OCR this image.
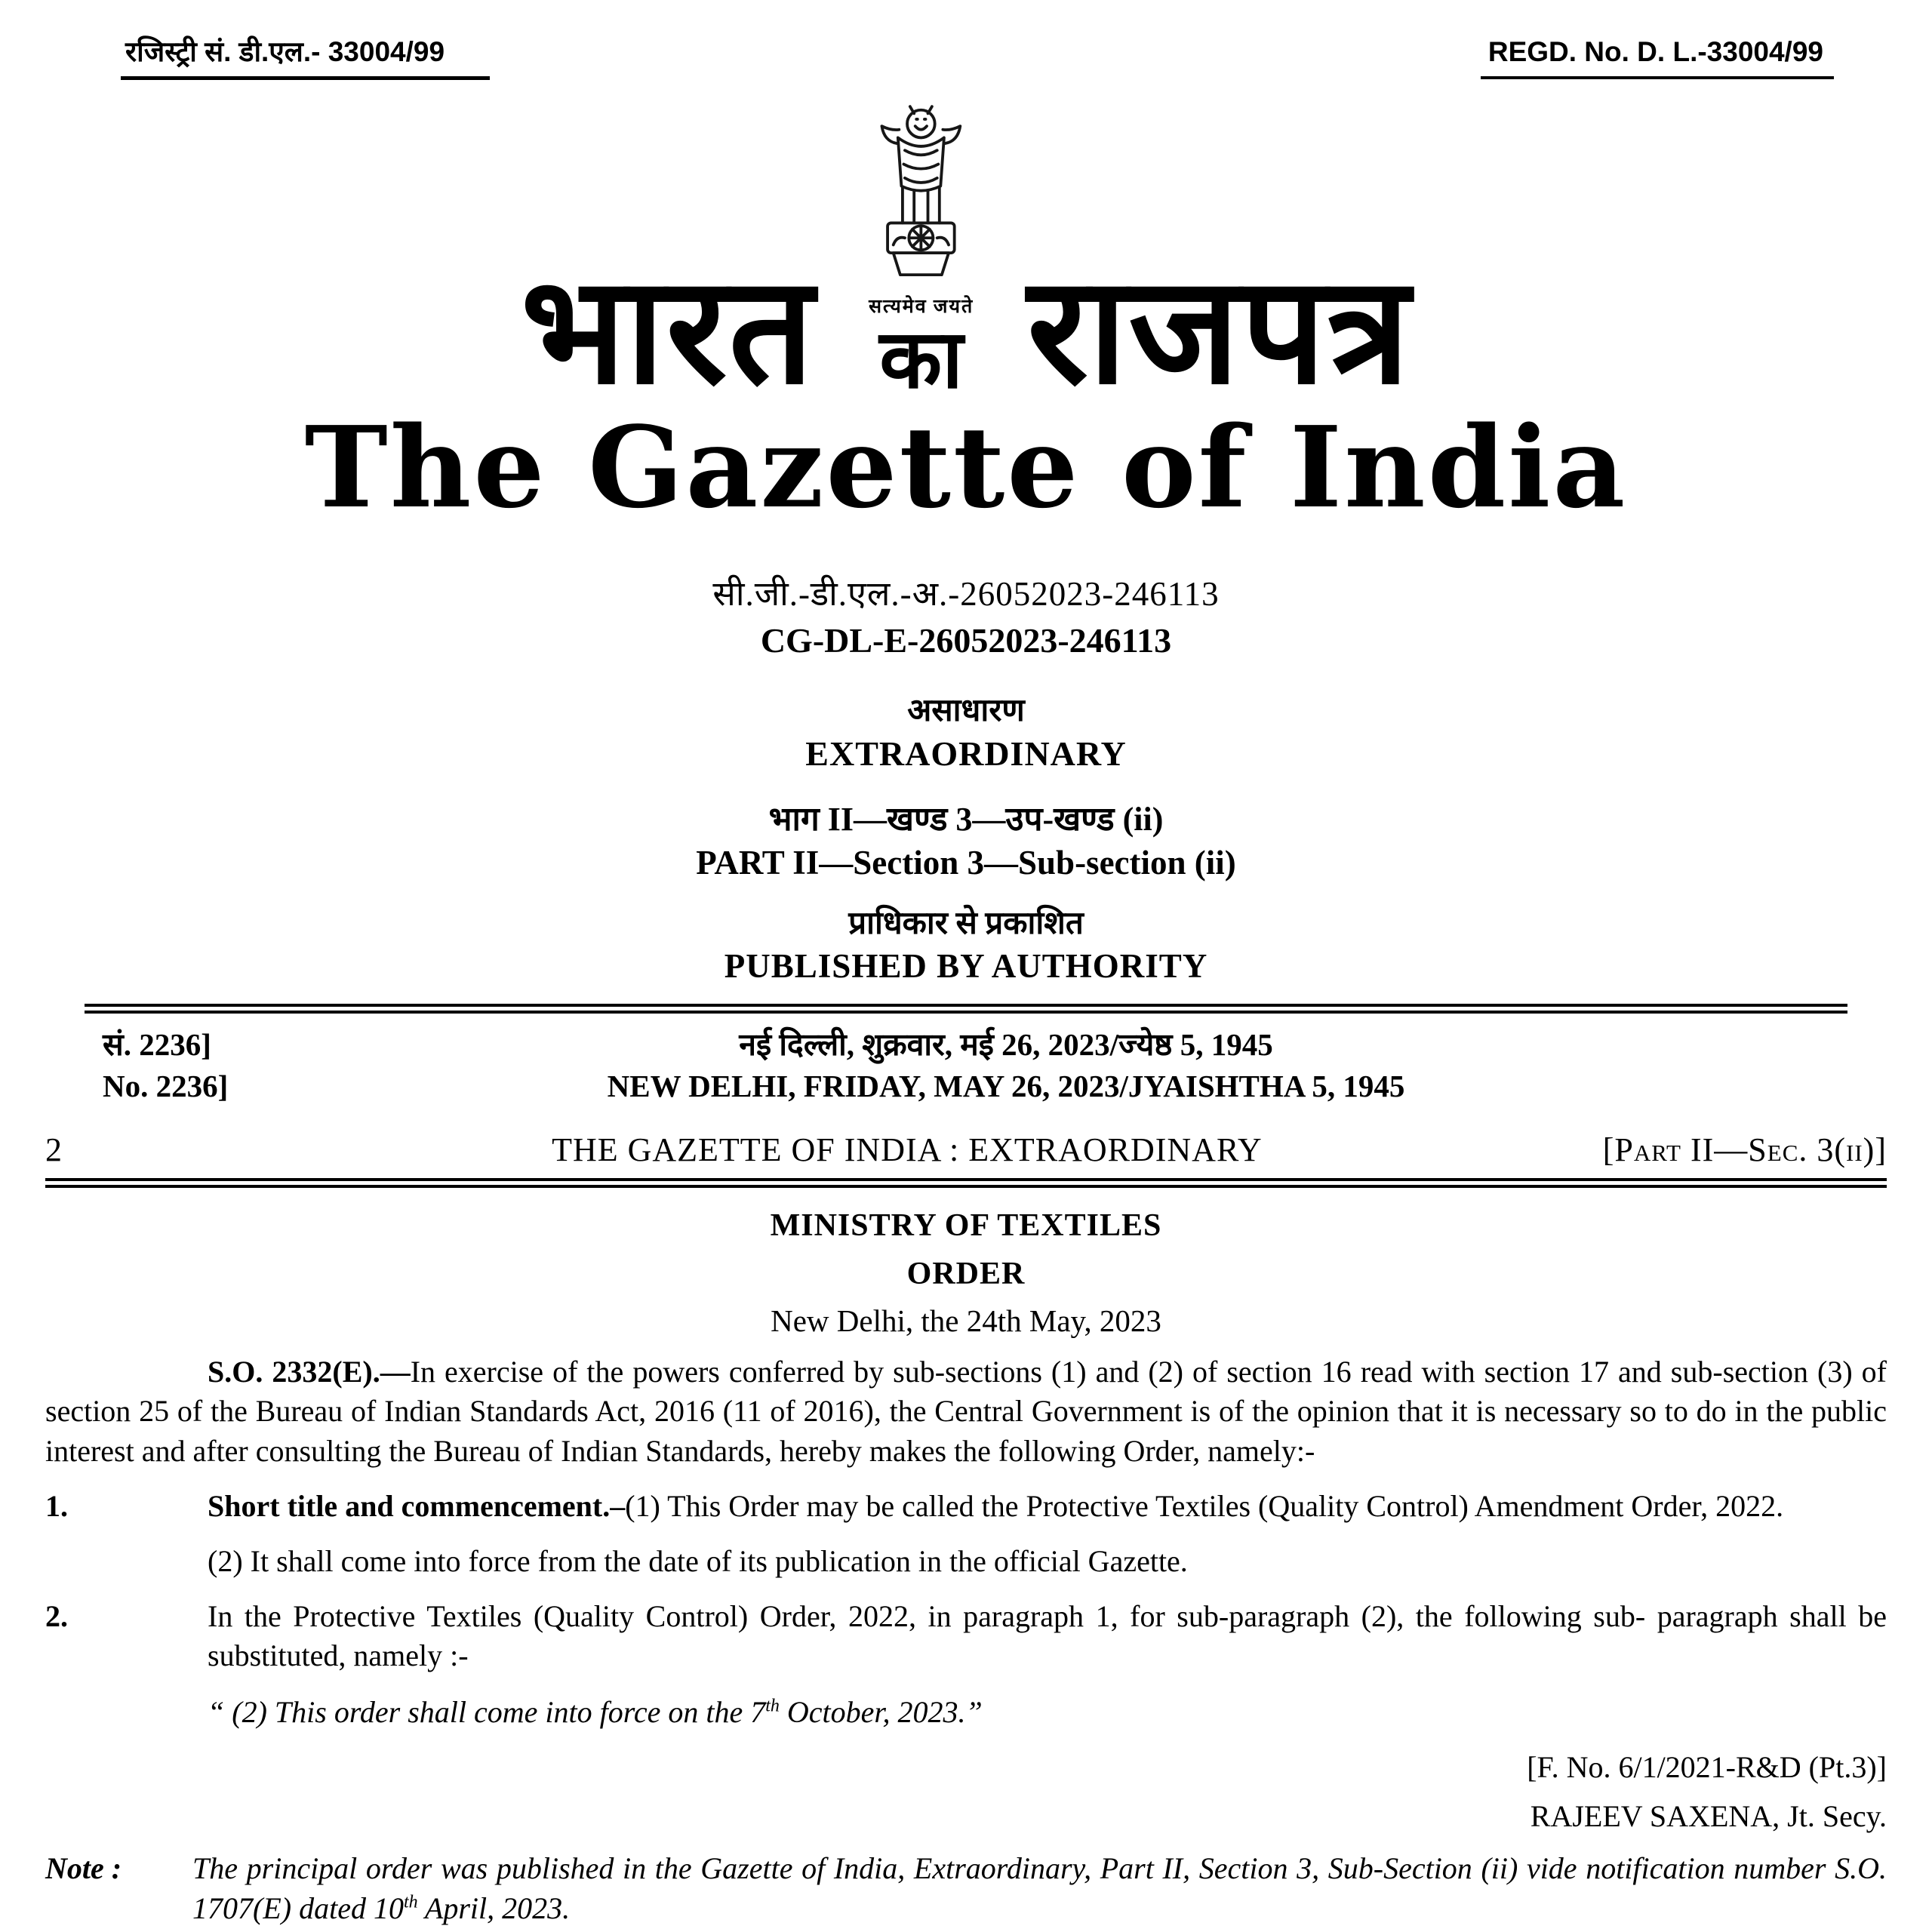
रजिस्ट्री सं. डी.एल.- 33004/99	REGD. No. D. L.-33004/99
भारत	सत्यमेव जयते
का राजपत्र
The Gazette of India
सी.जी.-डी.एल.-अ.-26052023-246113
CG-DL-E-26052023-246113
असाधारण
EXTRAORDINARY
भाग II—खण्ड 3—उप-खण्ड (ii)
PART II—Section 3—Sub-section (ii)
प्राधिकार से प्रकाशित
PUBLISHED BY AUTHORITY
सं. 2236]
No. 2236]
नई दिल्ली, शुक्रवार, मई 26, 2023/ज्येष्ठ 5, 1945
NEW DELHI, FRIDAY, MAY 26, 2023/JYAISHTHA 5, 1945
2	THE GAZETTE OF INDIA : EXTRAORDINARY	[Part II—Sec. 3(ii)]
MINISTRY OF TEXTILES
ORDER
New Delhi, the 24th May, 2023

S.O. 2332(E).—In exercise of the powers conferred by sub-sections (1) and (2) of section 16 read with section 17 and sub-section (3) of section 25 of the Bureau of Indian Standards Act, 2016 (11 of 2016), the Central Government is of the opinion that it is necessary so to do in the public interest and after consulting the Bureau of Indian Standards, hereby makes the following Order, namely:-

1.	Short title and commencement.–(1) This Order may be called the Protective Textiles (Quality Control) Amendment Order, 2022.
(2) It shall come into force from the date of its publication in the official Gazette.
2.	In the Protective Textiles (Quality Control) Order, 2022, in paragraph 1, for sub-paragraph (2), the following sub- paragraph shall be substituted, namely :-
“ (2) This order shall come into force on the 7th October, 2023.”
[F. No. 6/1/2021-R&D (Pt.3)]
RAJEEV SAXENA, Jt. Secy.
Note :	The principal order was published in the Gazette of India, Extraordinary, Part II, Section 3, Sub-Section (ii) vide notification number S.O. 1707(E) dated 10th April, 2023.
